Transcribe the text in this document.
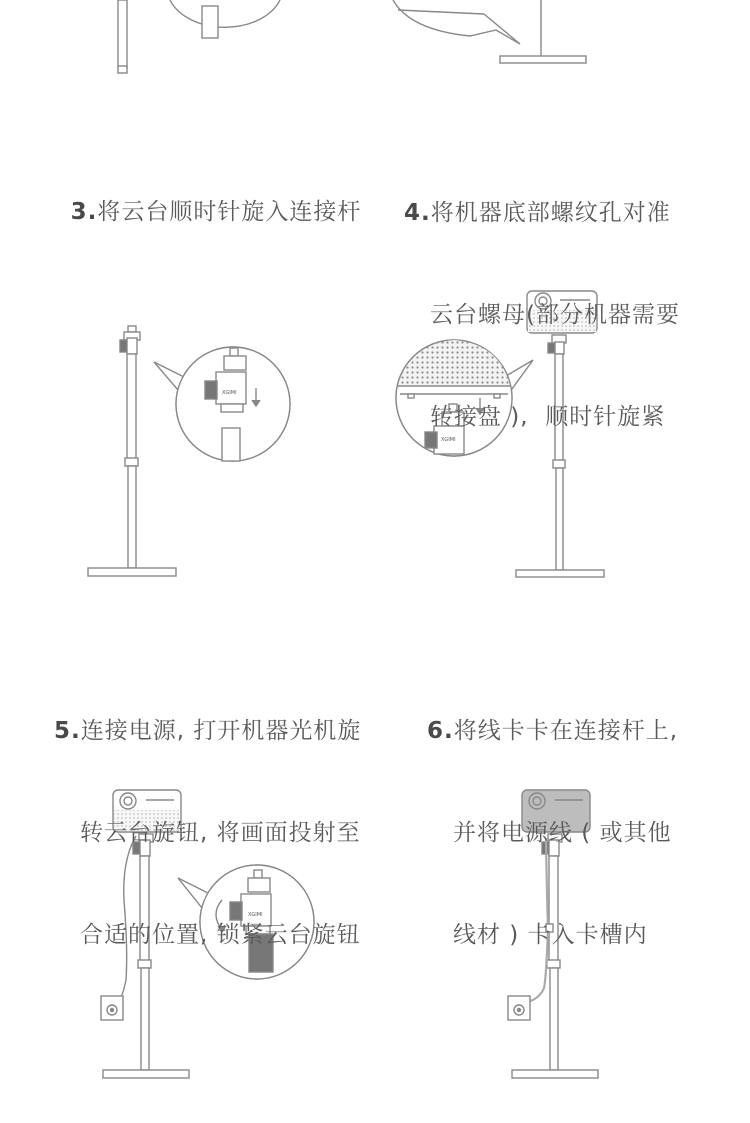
XGIMI
XGIMI
XGIMI

3.将云台顺时针旋入连接杆

4.将机器底部螺纹孔对准

云台螺母(部分机器需要

转接盘 ),  顺时针旋紧

5.连接电源, 打开机器光机旋

转云台旋钮, 将画面投射至

合适的位置, 锁紧云台旋钮

6.将线卡卡在连接杆上,

并将电源线 ( 或其他

线材 ) 卡入卡槽内
